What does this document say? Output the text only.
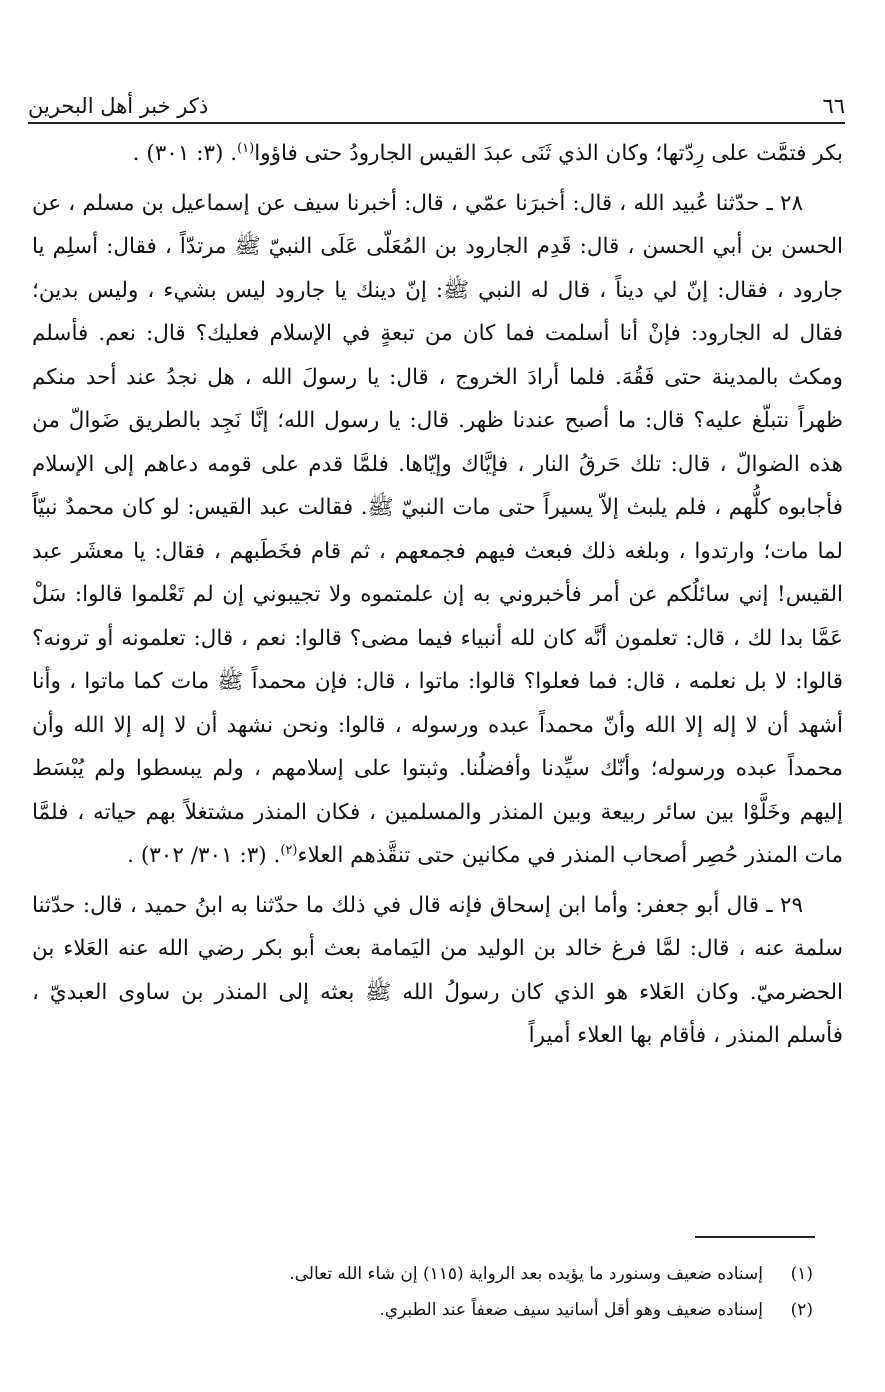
٦٦
ذكر خبر أهل البحرين

بكر فتمَّت على رِدّتها؛ وكان الذي ثَنَى عبدَ القيس الجارودُ حتى فاؤوا$^{(١)}$. (٣: ٣٠١) .

٢٨ ـ حدّثنا عُبيد الله ، قال: أخبرَنا عمّي ، قال: أخبرنا سيف عن إسماعيل بن مسلم ، عن الحسن بن أبي الحسن ، قال: قَدِم الجارود بن المُعَلّى عَلَى النبيّ ﷺ مرتدّاً ، فقال: أسلِم يا جارود ، فقال: إنّ لي ديناً ، قال له النبي ﷺ: إنّ دينك يا جارود ليس بشيء ، وليس بدين؛ فقال له الجارود: فإنْ أنا أسلمت فما كان من تبعةٍ في الإسلام فعليك؟ قال: نعم. فأسلم ومكث بالمدينة حتى فَقُهَ. فلما أرادَ الخروج ، قال: يا رسولَ الله ، هل نجدُ عند أحد منكم ظهراً نتبلّغ عليه؟ قال: ما أصبح عندنا ظهر. قال: يا رسول الله؛ إنَّا نَجِد بالطريق ضَوالّ من هذه الضوالّ ، قال: تلك حَرقُ النار ، فإيَّاك وإيّاها. فلمَّا قدم على قومه دعاهم إلى الإسلام فأجابوه كلُّهم ، فلم يلبث إلاّ يسيراً حتى مات النبيّ ﷺ. فقالت عبد القيس: لو كان محمدٌ نبيّاً لما مات؛ وارتدوا ، وبلغه ذلك فبعث فيهم فجمعهم ، ثم قام فخَطَبهم ، فقال: يا معشَر عبد القيس! إني سائلُكم عن أمر فأخبروني به إن علمتموه ولا تجيبوني إن لم تَعْلموا قالوا: سَلْ عَمَّا بدا لك ، قال: تعلمون أنَّه كان لله أنبياء فيما مضى؟ قالوا: نعم ، قال: تعلمونه أو ترونه؟ قالوا: لا بل نعلمه ، قال: فما فعلوا؟ قالوا: ماتوا ، قال: فإن محمداً ﷺ مات كما ماتوا ، وأنا أشهد أن لا إله إلا الله وأنّ محمداً عبده ورسوله ، قالوا: ونحن نشهد أن لا إله إلا الله وأن محمداً عبده ورسوله؛ وأنّك سيِّدنا وأفضلُنا. وثبتوا على إسلامهم ، ولم يبسطوا ولم يُبْسَط إليهم وخَلَّوْا بين سائر ربيعة وبين المنذر والمسلمين ، فكان المنذر مشتغلاً بهم حياته ، فلمَّا مات المنذر حُصِر أصحاب المنذر في مكانين حتى تنقَّذهم العلاء$^{(٢)}$. (٣: ٣٠١/ ٣٠٢) .

٢٩ ـ قال أبو جعفر: وأما ابن إسحاق فإنه قال في ذلك ما حدّثنا به ابنُ حميد ، قال: حدّثنا سلمة عنه ، قال: لمَّا فرغ خالد بن الوليد من اليَمامة بعث أبو بكر رضي الله عنه العَلاء بن الحضرميّ. وكان العَلاء هو الذي كان رسولُ الله ﷺ بعثه إلى المنذر بن ساوى العبديّ ، فأسلم المنذر ، فأقام بها العلاء أميراً

(١)
إسناده ضعيف وسنورد ما يؤيده بعد الرواية (١١٥) إن شاء الله تعالى.
(٢)
إسناده ضعيف وهو أقل أسانيد سيف ضعفاً عند الطبري.
